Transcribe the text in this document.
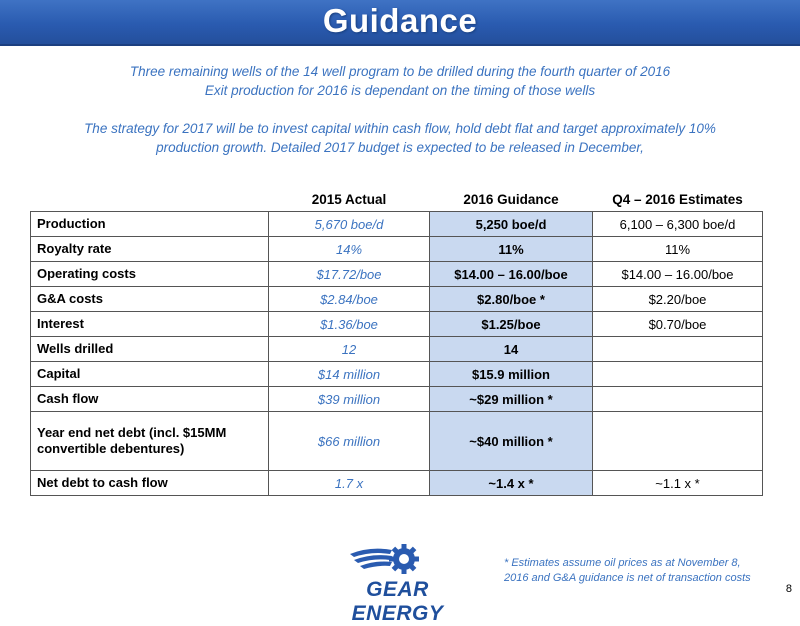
Guidance
Three remaining wells of the 14 well program to be drilled during the fourth quarter of 2016
Exit production for 2016 is dependant on the timing of those wells
The strategy for 2017 will be to invest capital within cash flow, hold debt flat and target approximately 10%
production growth. Detailed 2017 budget is expected to be released in December,
	2015 Actual	2016 Guidance	Q4 – 2016 Estimates
Production	5,670 boe/d	5,250 boe/d	6,100 – 6,300 boe/d
Royalty rate	14%	11%	11%
Operating costs	$17.72/boe	$14.00 – 16.00/boe	$14.00 – 16.00/boe
G&A costs	$2.84/boe	$2.80/boe *	$2.20/boe
Interest	$1.36/boe	$1.25/boe	$0.70/boe
Wells drilled	12	14	
Capital	$14 million	$15.9 million	
Cash flow	$39 million	~$29 million *	
Year end net debt (incl. $15MM convertible debentures)	$66 million	~$40 million *	
Net debt to cash flow	1.7 x	~1.4 x *	~1.1 x *
GEAR ENERGY
* Estimates assume oil prices as at November 8,
2016 and G&A guidance is net of transaction costs
8
